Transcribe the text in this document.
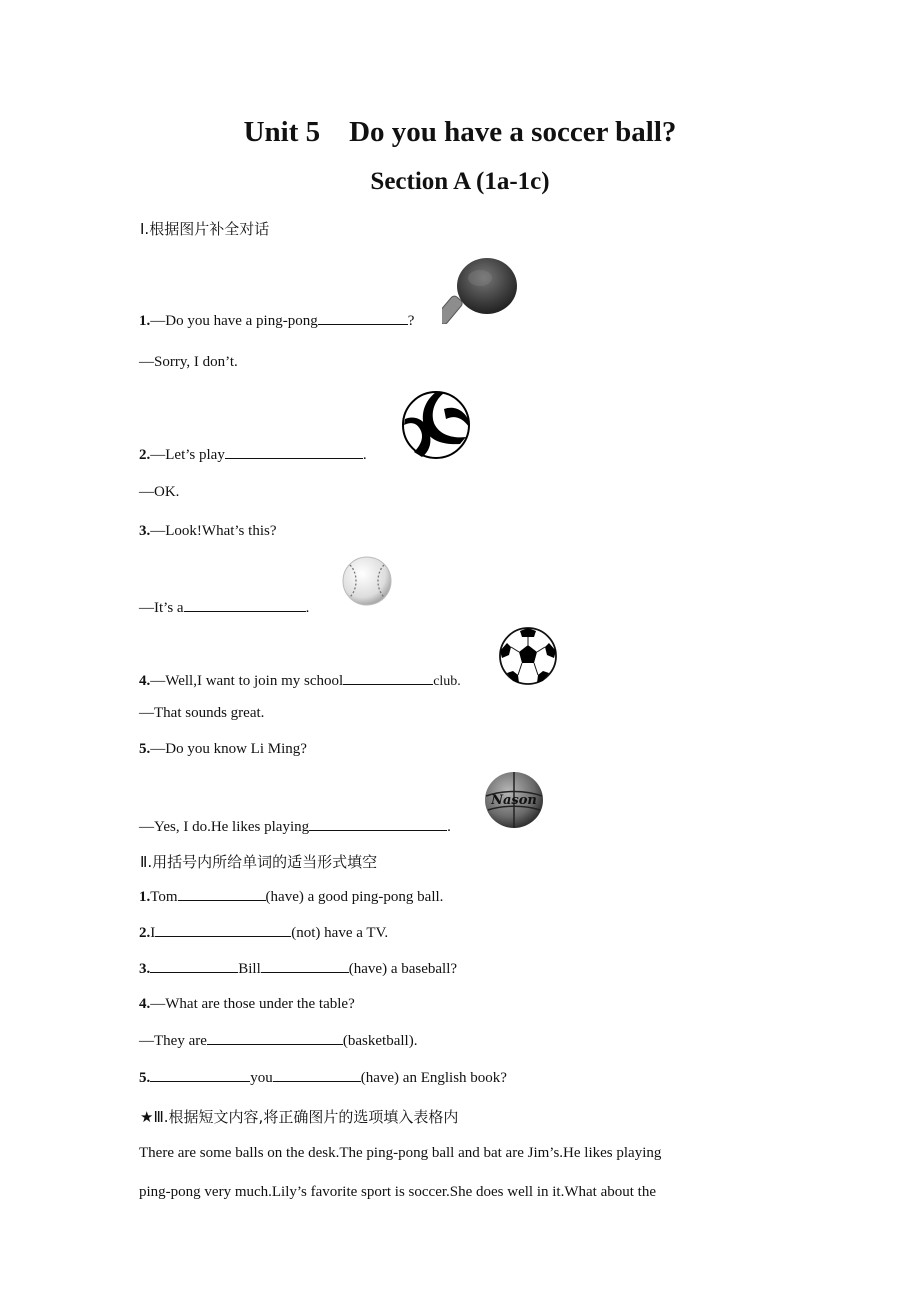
Unit 5    Do you have a soccer ball?
Section A (1a-1c)
Ⅰ.根据图片补全对话
1.—Do you have a ping-pong	?
—Sorry, I don’t.
2.—Let’s play	.
—OK.
3.—Look!What’s this?
—It’s a	.
4.—Well,I want to join my school	club.
—That sounds great.
5.—Do you know Li Ming?
—Yes, I do.He likes playing	.
Nason
Ⅱ.用括号内所给单词的适当形式填空
1.Tom	(have) a good ping-pong ball.
2.I	(not) have a TV.
3.	Bill	(have) a baseball?
4.—What are those under the table?
—They are	(basketball).
5.	you	(have) an English book?
★Ⅲ.根据短文内容,将正确图片的选项填入表格内
There are some balls on the desk.The ping-pong ball and bat are Jim’s.He likes playing
ping-pong very much.Lily’s favorite sport is soccer.She does well in it.What about the
